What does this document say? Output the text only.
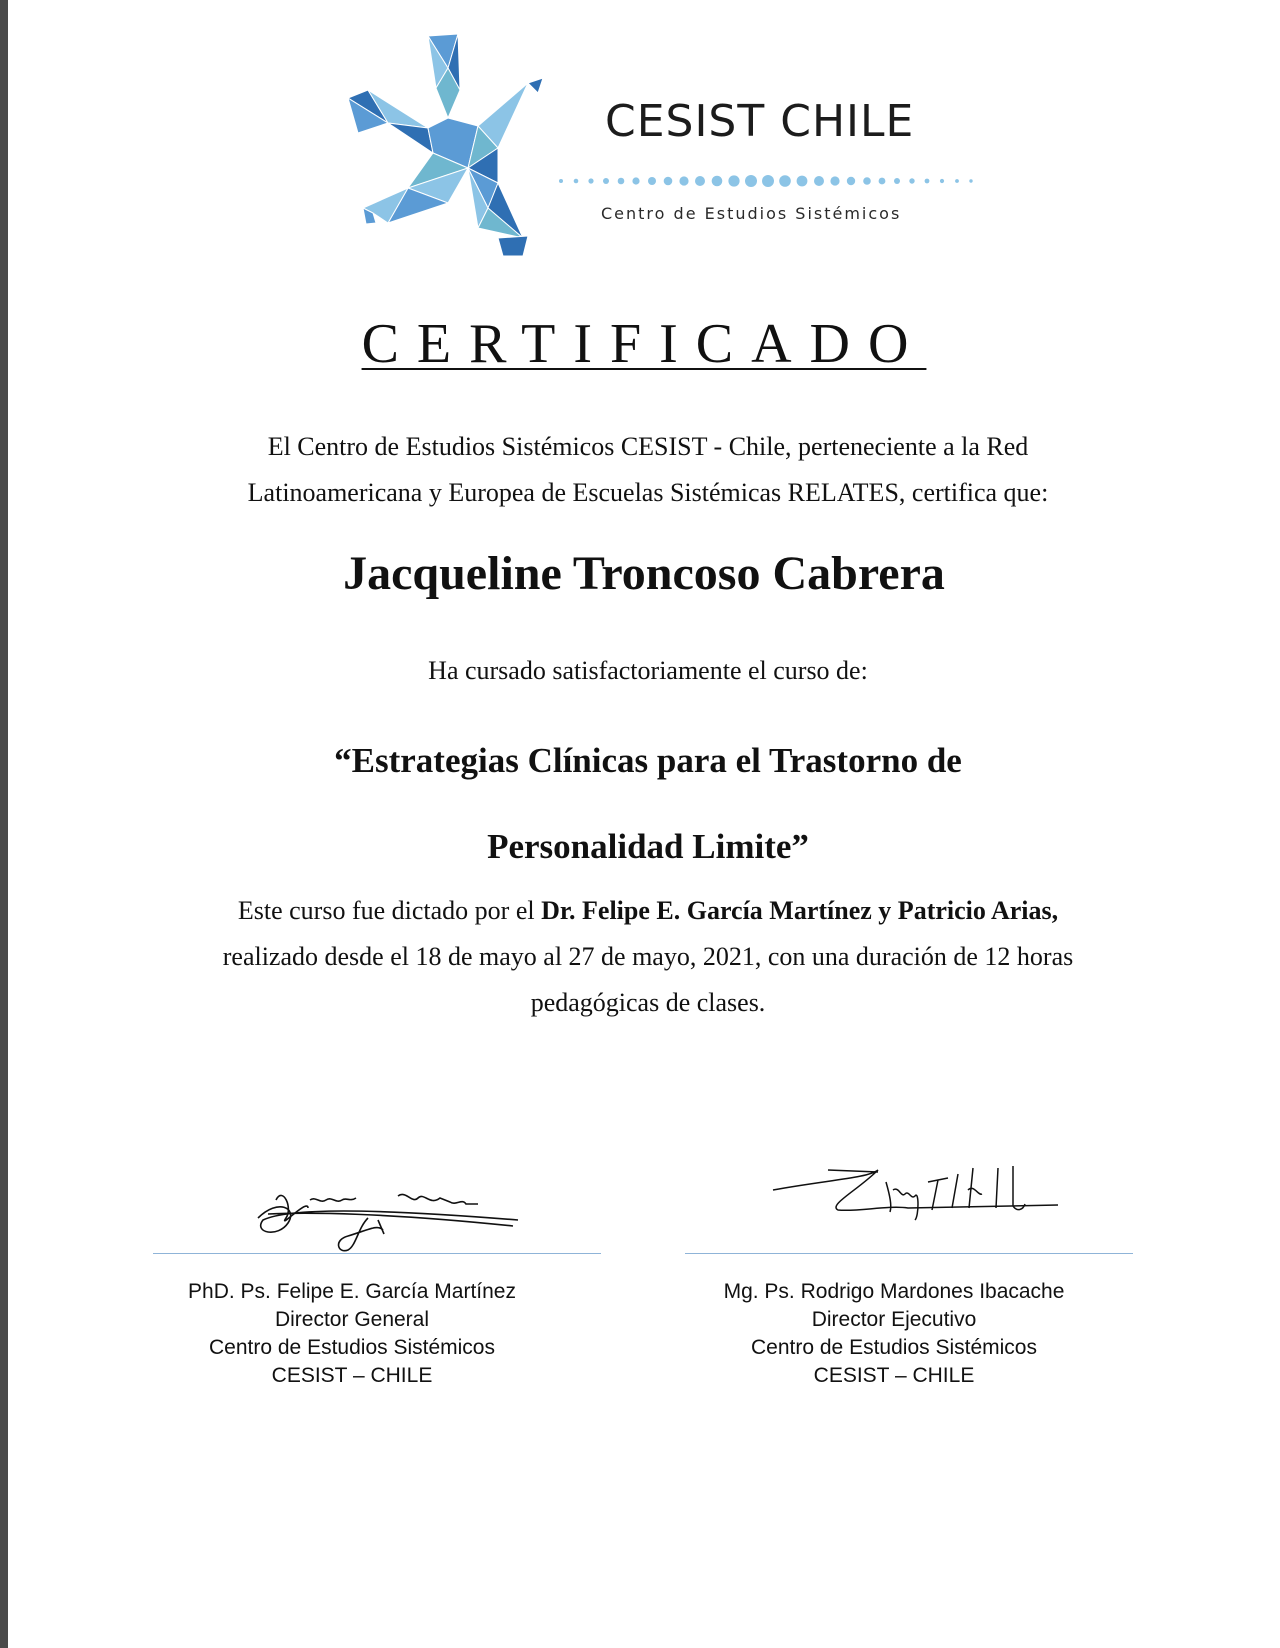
CESIST CHILE
Centro de Estudios Sistémicos
CERTIFICADO
El Centro de Estudios Sistémicos CESIST - Chile, perteneciente a la Red
Latinoamericana y Europea de Escuelas Sistémicas RELATES, certifica que:
Jacqueline Troncoso Cabrera
Ha cursado satisfactoriamente el curso de:
“Estrategias Clínicas para el Trastorno de
Personalidad Limite”
Este curso fue dictado por el Dr. Felipe E. García Martínez y Patricio Arias,
realizado desde el 18 de mayo al 27 de mayo, 2021, con una duración de 12 horas
pedagógicas de clases.
PhD. Ps. Felipe E. García Martínez
Director General
Centro de Estudios Sistémicos
CESIST – CHILE
Mg. Ps. Rodrigo Mardones Ibacache
Director Ejecutivo
Centro de Estudios Sistémicos
CESIST – CHILE
